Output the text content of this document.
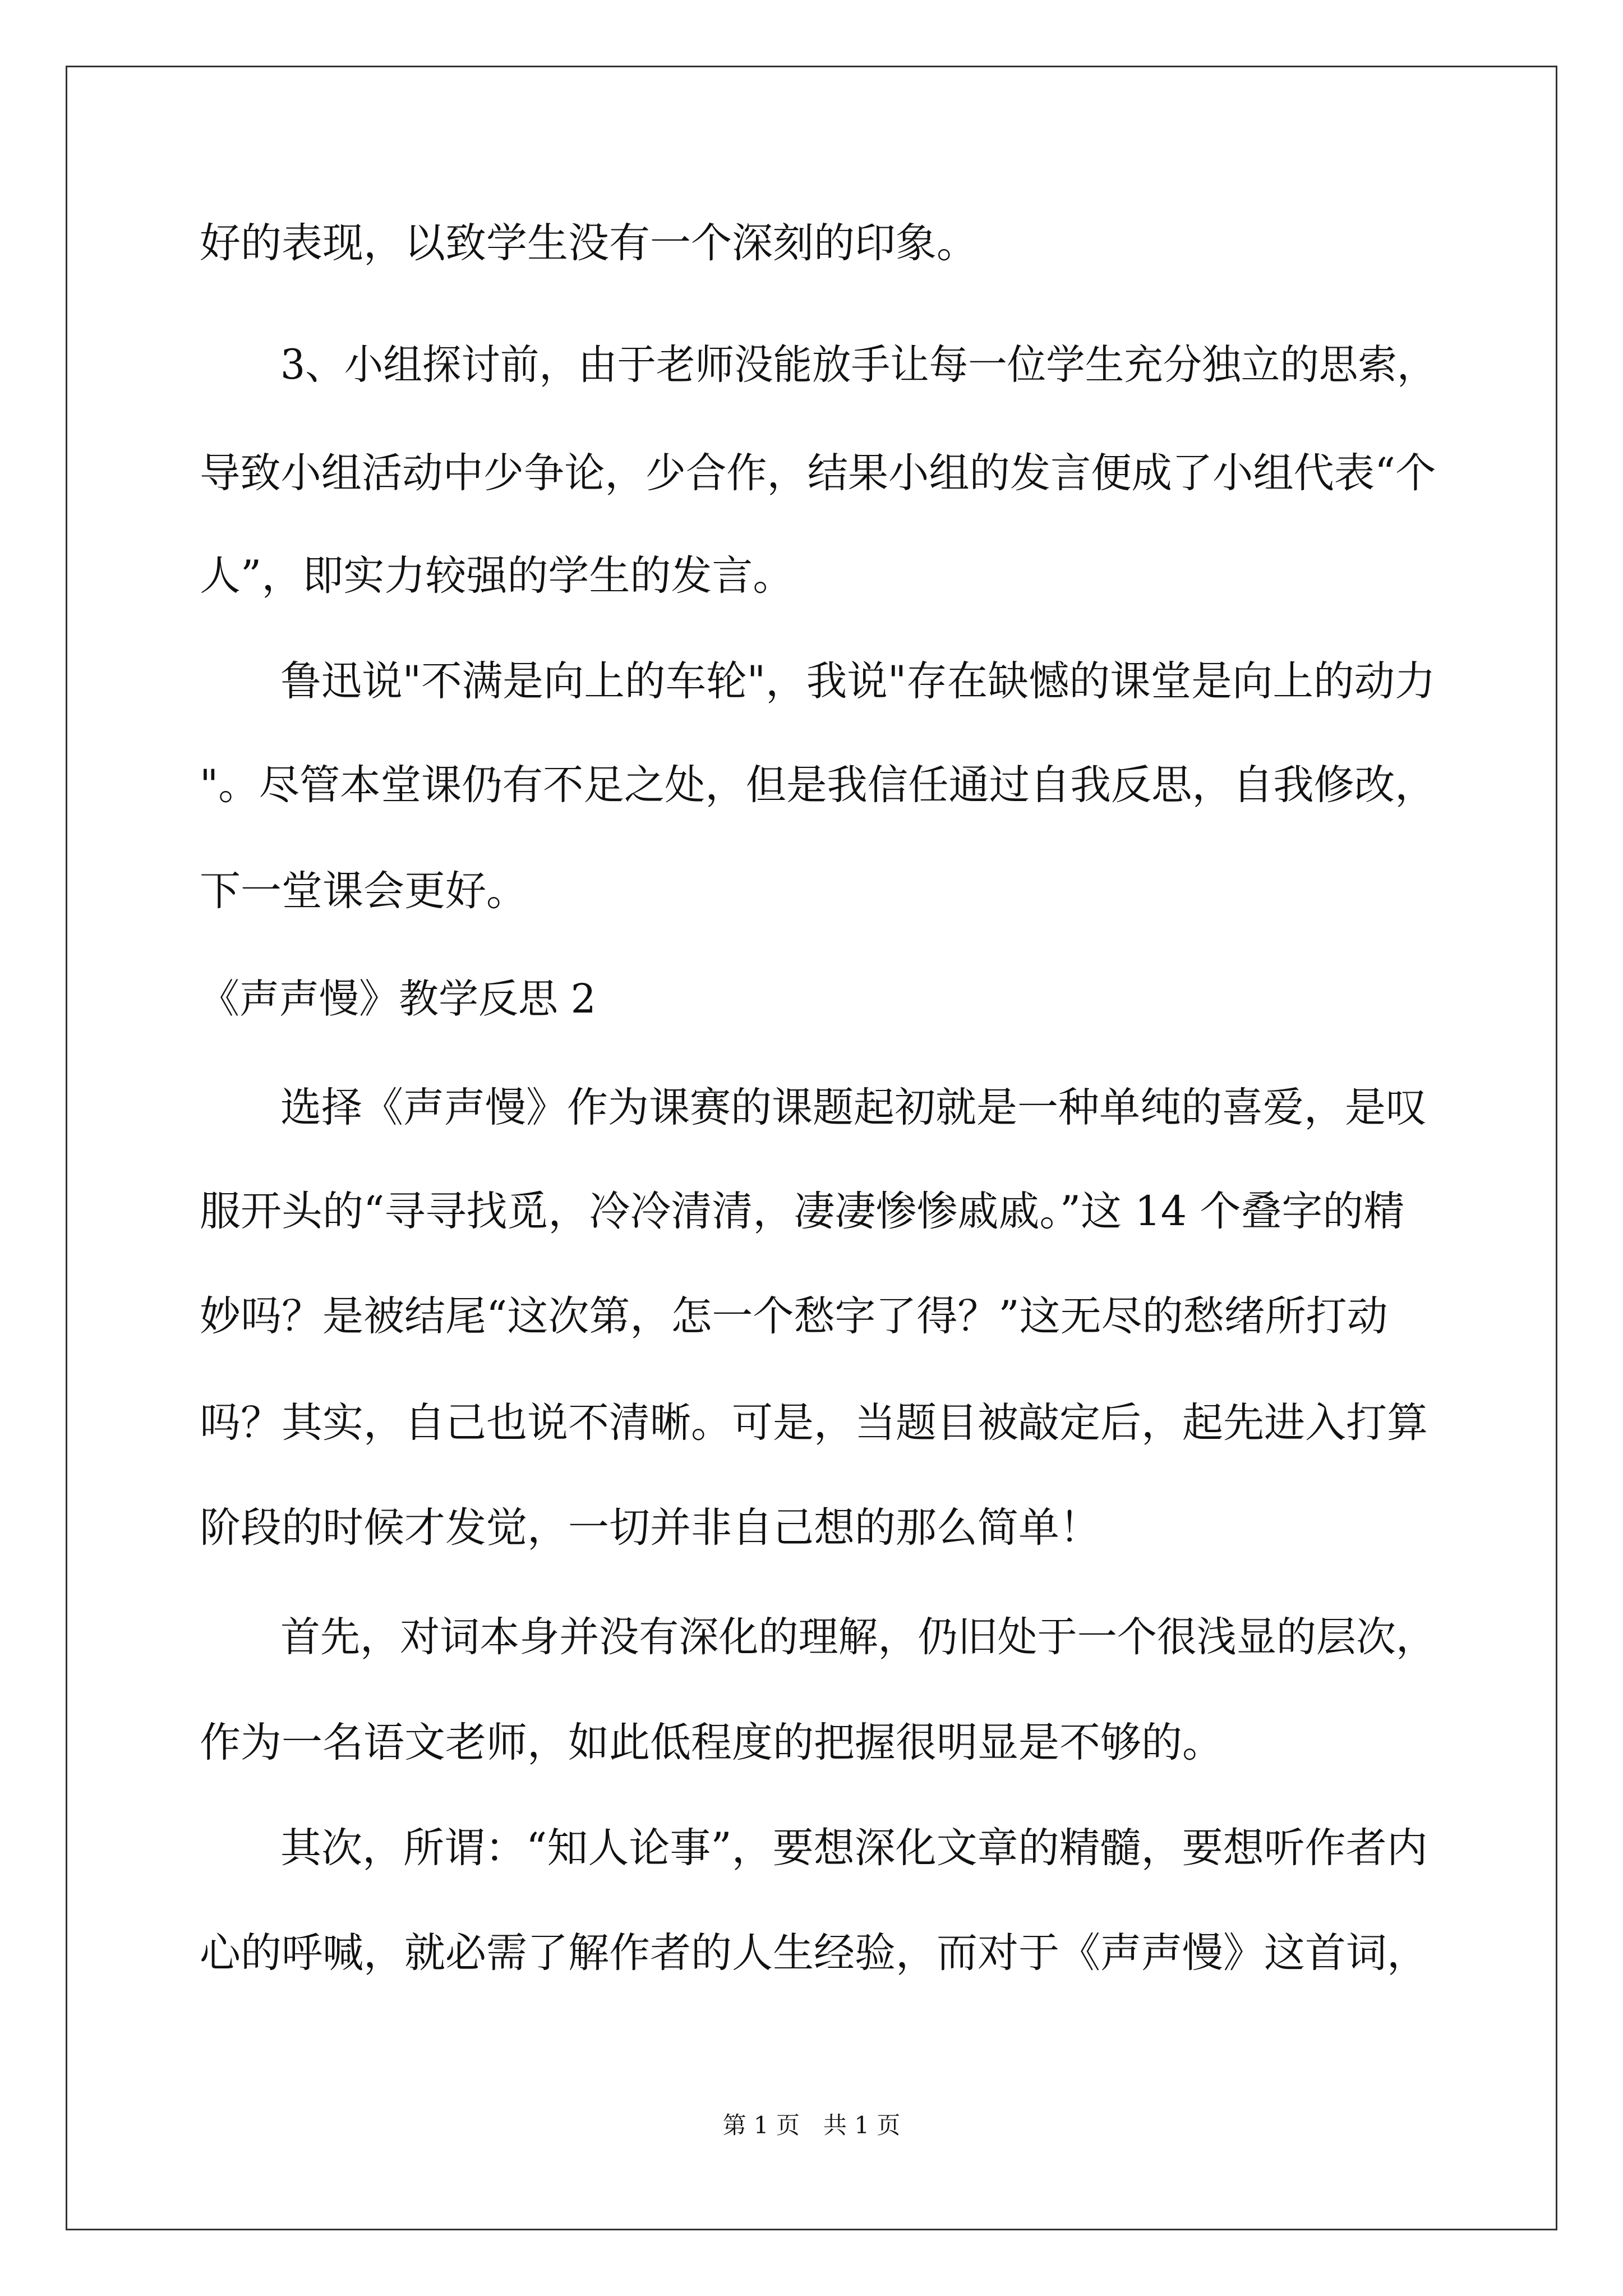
好的表现，以致学生没有一个深刻的印象。
3、小组探讨前，由于老师没能放手让每一位学生充分独立的思索，
导致小组活动中少争论，少合作，结果小组的发言便成了小组代表“个
人”，即实力较强的学生的发言。
鲁迅说"不满是向上的车轮"，我说"存在缺憾的课堂是向上的动力
"。尽管本堂课仍有不足之处，但是我信任通过自我反思，自我修改，
下一堂课会更好。
《声声慢》教学反思 2
选择《声声慢》作为课赛的课题起初就是一种单纯的喜爱，是叹
服开头的“寻寻找觅，冷冷清清，凄凄惨惨戚戚。”这 14 个叠字的精
妙吗？是被结尾“这次第，怎一个愁字了得？”这无尽的愁绪所打动
吗？其实，自己也说不清晰。可是，当题目被敲定后，起先进入打算
阶段的时候才发觉，一切并非自己想的那么简单！
首先，对词本身并没有深化的理解，仍旧处于一个很浅显的层次，
作为一名语文老师，如此低程度的把握很明显是不够的。
其次，所谓：“知人论事”，要想深化文章的精髓，要想听作者内
心的呼喊，就必需了解作者的人生经验，而对于《声声慢》这首词，
第 1 页　共 1 页
